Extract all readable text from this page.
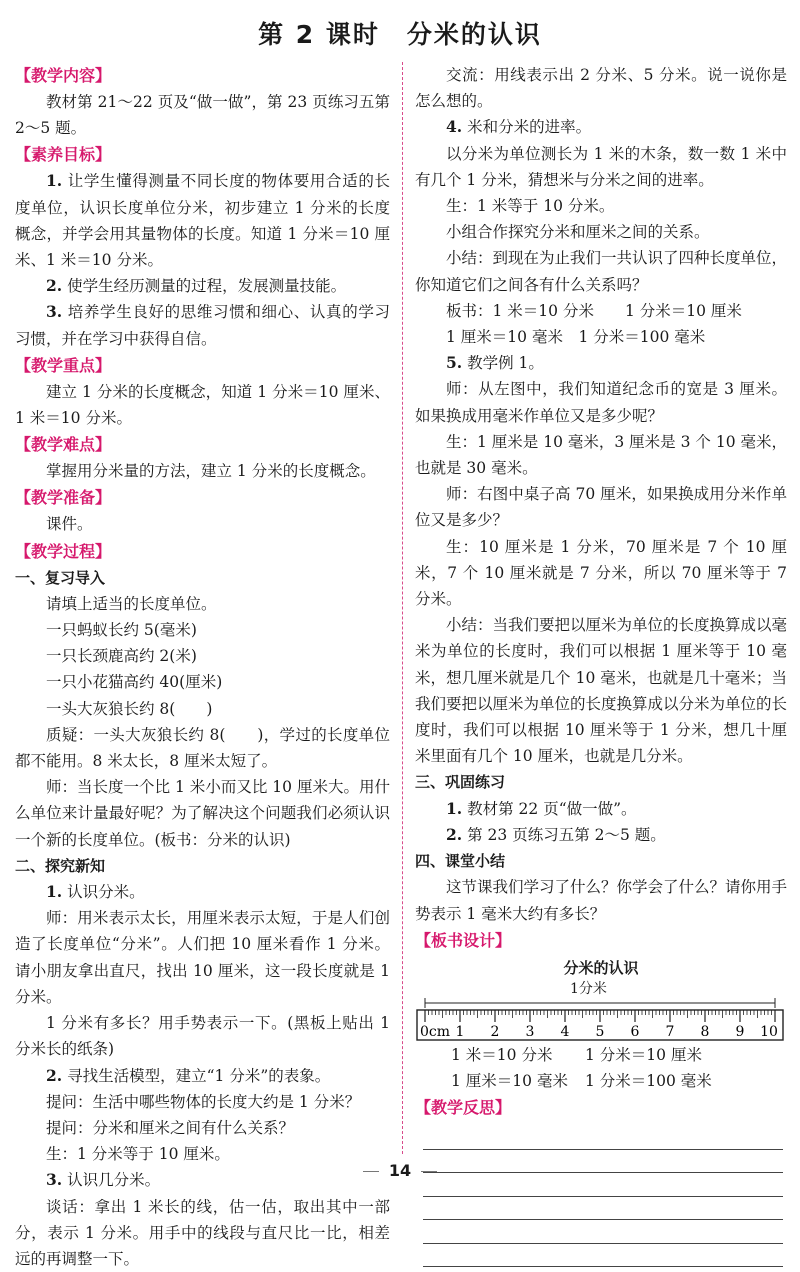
第 2 课时　分米的认识
【教学内容】

教材第 21～22 页及“做一做”，第 23 页练习五第 2～5 题。

【素养目标】

1. 让学生懂得测量不同长度的物体要用合适的长度单位，认识长度单位分米，初步建立 1 分米的长度概念，并学会用其量物体的长度。知道 1 分米＝10 厘米、1 米＝10 分米。

2. 使学生经历测量的过程，发展测量技能。

3. 培养学生良好的思维习惯和细心、认真的学习习惯，并在学习中获得自信。

【教学重点】

建立 1 分米的长度概念，知道 1 分米＝10 厘米、1 米＝10 分米。

【教学难点】

掌握用分米量的方法，建立 1 分米的长度概念。

【教学准备】

课件。

【教学过程】
一、复习导入

请填上适当的长度单位。

一只蚂蚁长约 5(毫米)

一只长颈鹿高约 2(米)

一只小花猫高约 40(厘米)

一头大灰狼长约 8(　　)

质疑：一头大灰狼长约 8(　　)，学过的长度单位都不能用。8 米太长，8 厘米太短了。

师：当长度一个比 1 米小而又比 10 厘米大。用什么单位来计量最好呢？为了解决这个问题我们必须认识一个新的长度单位。(板书：分米的认识)

二、探究新知

1. 认识分米。

师：用米表示太长，用厘米表示太短，于是人们创造了长度单位“分米”。人们把 10 厘米看作 1 分米。请小朋友拿出直尺，找出 10 厘米，这一段长度就是 1 分米。

1 分米有多长？用手势表示一下。(黑板上贴出 1 分米长的纸条)

2. 寻找生活模型，建立“1 分米”的表象。

提问：生活中哪些物体的长度大约是 1 分米？

提问：分米和厘米之间有什么关系？

生：1 分米等于 10 厘米。

3. 认识几分米。

谈话：拿出 1 米长的线，估一估，取出其中一部分，表示 1 分米。用手中的线段与直尺比一比，相差远的再调整一下。

交流：用线表示出 2 分米、5 分米。说一说你是怎么想的。

4. 米和分米的进率。

以分米为单位测长为 1 米的木条，数一数 1 米中有几个 1 分米，猜想米与分米之间的进率。

生：1 米等于 10 分米。

小组合作探究分米和厘米之间的关系。

小结：到现在为止我们一共认识了四种长度单位，你知道它们之间各有什么关系吗？

板书：1 米＝10 分米　　1 分米＝10 厘米

1 厘米＝10 毫米　1 分米＝100 毫米

5. 教学例 1。

师：从左图中，我们知道纪念币的宽是 3 厘米。如果换成用毫米作单位又是多少呢？

生：1 厘米是 10 毫米，3 厘米是 3 个 10 毫米，也就是 30 毫米。

师：右图中桌子高 70 厘米，如果换成用分米作单位又是多少？

生：10 厘米是 1 分米，70 厘米是 7 个 10 厘米，7 个 10 厘米就是 7 分米，所以 70 厘米等于 7 分米。

小结：当我们要把以厘米为单位的长度换算成以毫米为单位的长度时，我们可以根据 1 厘米等于 10 毫米，想几厘米就是几个 10 毫米，也就是几十毫米；当我们要把以厘米为单位的长度换算成以分米为单位的长度时，我们可以根据 10 厘米等于 1 分米，想几十厘米里面有几个 10 厘米，也就是几分米。

三、巩固练习

1. 教材第 22 页“做一做”。

2. 第 23 页练习五第 2～5 题。

四、课堂小结

这节课我们学习了什么？你学会了什么？请你用手势表示 1 毫米大约有多长？

【板书设计】
分米的认识
1分米
0cm 1 2 3 4 5 6 7 8 9 10
1 米＝10 分米 1 分米＝10 厘米
1 厘米＝10 毫米 1 分米＝100 毫米
【教学反思】
14
